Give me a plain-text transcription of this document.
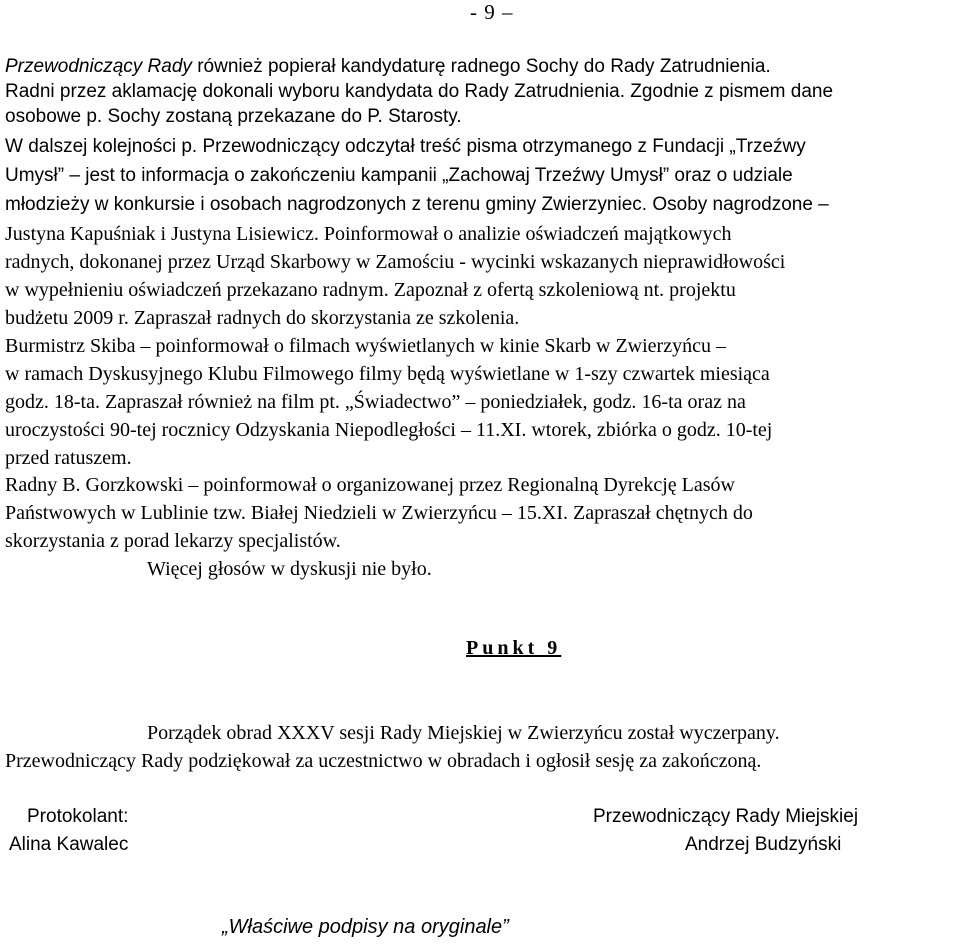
- 9 –
Przewodniczący Rady również popierał kandydaturę radnego Sochy do Rady Zatrudnienia.
Radni przez aklamację dokonali wyboru kandydata do Rady Zatrudnienia. Zgodnie z pismem dane
osobowe p. Sochy zostaną przekazane do P. Starosty.
W dalszej kolejności p. Przewodniczący odczytał treść pisma otrzymanego z Fundacji „Trzeźwy
Umysł” – jest to informacja o zakończeniu kampanii „Zachowaj Trzeźwy Umysł” oraz o udziale
młodzieży w konkursie i osobach nagrodzonych z terenu gminy Zwierzyniec. Osoby nagrodzone –
Justyna Kapuśniak i Justyna Lisiewicz. Poinformował o analizie oświadczeń majątkowych
radnych, dokonanej przez Urząd Skarbowy w Zamościu - wycinki wskazanych nieprawidłowości
w wypełnieniu oświadczeń przekazano radnym. Zapoznał z ofertą szkoleniową nt. projektu
budżetu 2009 r. Zapraszał radnych do skorzystania ze szkolenia.
Burmistrz Skiba – poinformował o filmach wyświetlanych w kinie Skarb w Zwierzyńcu –
w ramach Dyskusyjnego Klubu Filmowego filmy będą wyświetlane w 1-szy czwartek miesiąca
godz. 18-ta. Zapraszał również na film pt. „Świadectwo” – poniedziałek, godz. 16-ta oraz na
uroczystości 90-tej rocznicy Odzyskania Niepodległości – 11.XI. wtorek, zbiórka o godz. 10-tej
przed ratuszem.
Radny B. Gorzkowski – poinformował o organizowanej przez Regionalną Dyrekcję Lasów
Państwowych w Lublinie tzw. Białej Niedzieli w Zwierzyńcu – 15.XI. Zapraszał chętnych do
skorzystania z porad lekarzy specjalistów.
Więcej głosów w dyskusji nie było.
Punkt 9
Porządek obrad XXXV sesji Rady Miejskiej w Zwierzyńcu został wyczerpany.
Przewodniczący Rady podziękował za uczestnictwo w obradach i ogłosił sesję za zakończoną.
Protokolant:
Alina Kawalec
Przewodniczący Rady Miejskiej
Andrzej Budzyński
„Właściwe podpisy na oryginale”
